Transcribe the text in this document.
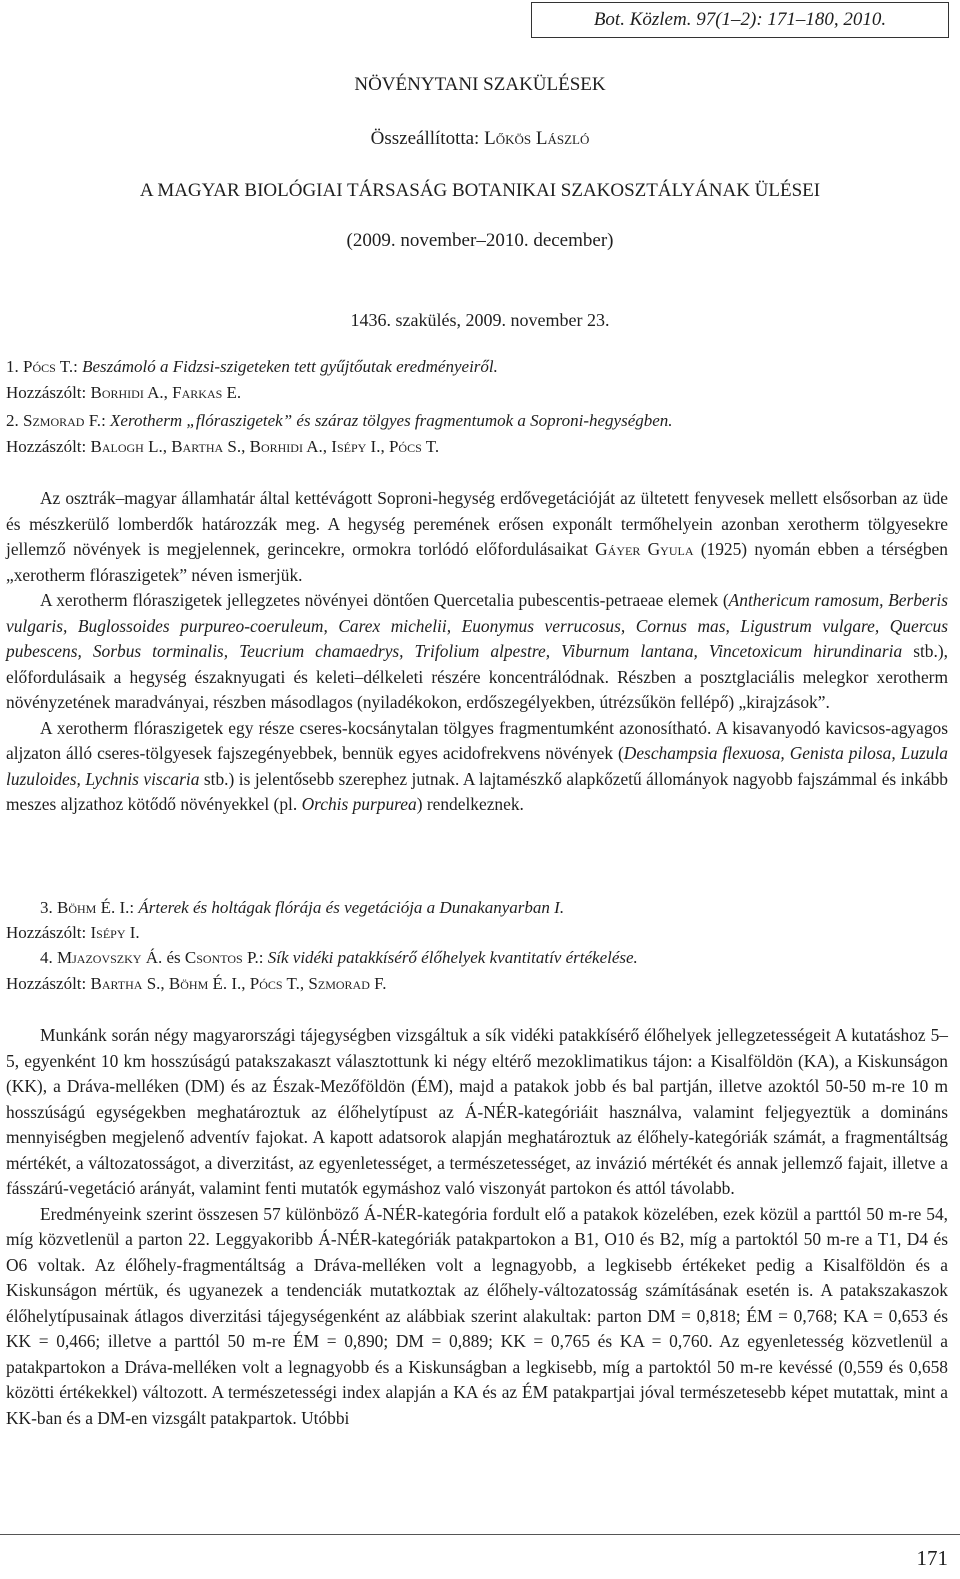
Bot. Közlem. 97(1–2): 171–180, 2010.
NÖVÉNYTANI SZAKÜLÉSEK
Összeállította: Lőkös László
A MAGYAR BIOLÓGIAI TÁRSASÁG BOTANIKAI SZAKOSZTÁLYÁNAK ÜLÉSEI
(2009. november–2010. december)
1436. szakülés, 2009. november 23.
1. Pócs T.: Beszámoló a Fidzsi-szigeteken tett gyűjtőutak eredményeiről.
Hozzászólt: Borhidi A., Farkas E.
2. Szmorad F.: Xerotherm „flóraszigetek” és száraz tölgyes fragmentumok a Soproni-hegységben.
Hozzászólt: Balogh L., Bartha S., Borhidi A., Isépy I., Pócs T.

Az osztrák–magyar államhatár által kettévágott Soproni-hegység erdővegetációját az ültetett fenyvesek mellett elsősorban az üde és mészkerülő lomberdők határozzák meg. A hegység peremének erősen exponált termőhelyein azonban xerotherm tölgyesekre jellemző növények is megjelennek, gerincekre, ormokra torlódó előfordulásaikat Gáyer Gyula (1925) nyomán ebben a térségben „xerotherm flóraszigetek” néven ismerjük.

A xerotherm flóraszigetek jellegzetes növényei döntően Quercetalia pubescentis-petraeae elemek (Anthericum ramosum, Berberis vulgaris, Buglossoides purpureo-coeruleum, Carex michelii, Euonymus verrucosus, Cornus mas, Ligustrum vulgare, Quercus pubescens, Sorbus torminalis, Teucrium chamaedrys, Trifolium alpestre, Viburnum lantana, Vincetoxicum hirundinaria stb.), előfordulásaik a hegység északnyugati és keleti–délkeleti részére koncentrálódnak. Részben a posztglaciális melegkor xerotherm növényzetének maradványai, részben másodlagos (nyiladékokon, erdőszegélyekben, útrézsűkön fellépő) „kirajzások”.

A xerotherm flóraszigetek egy része cseres-kocsánytalan tölgyes fragmentumként azonosítható. A kisavanyodó kavicsos-agyagos aljzaton álló cseres-tölgyesek fajszegényebbek, bennük egyes acidofrekvens növények (Deschampsia flexuosa, Genista pilosa, Luzula luzuloides, Lychnis viscaria stb.) is jelentősebb szerephez jutnak. A lajtamészkő alapkőzetű állományok nagyobb fajszámmal és inkább meszes aljzathoz kötődő növényekkel (pl. Orchis purpurea) rendelkeznek.

3. Böhm É. I.: Árterek és holtágak flórája és vegetációja a Dunakanyarban I.
Hozzászólt: Isépy I.
4. Mjazovszky Á. és Csontos P.: Sík vidéki patakkísérő élőhelyek kvantitatív értékelése.
Hozzászólt: Bartha S., Böhm É. I., Pócs T., Szmorad F.

Munkánk során négy magyarországi tájegységben vizsgáltuk a sík vidéki patakkísérő élőhelyek jellegzetességeit A kutatáshoz 5–5, egyenként 10 km hosszúságú patakszakaszt választottunk ki négy eltérő mezoklimatikus tájon: a Kisalföldön (KA), a Kiskunságon (KK), a Dráva-melléken (DM) és az Észak-Mezőföldön (ÉM), majd a patakok jobb és bal partján, illetve azoktól 50-50 m-re 10 m hosszúságú egységekben meghatároztuk az élőhelytípust az Á-NÉR-kategóriáit használva, valamint feljegyeztük a domináns mennyiségben megjelenő adventív fajokat. A kapott adatsorok alapján meghatároztuk az élőhely-kategóriák számát, a fragmentáltság mértékét, a változatosságot, a diverzitást, az egyenletességet, a természetességet, az invázió mértékét és annak jellemző fajait, illetve a fásszárú-vegetáció arányát, valamint fenti mutatók egymáshoz való viszonyát partokon és attól távolabb.

Eredményeink szerint összesen 57 különböző Á-NÉR-kategória fordult elő a patakok közelében, ezek közül a parttól 50 m-re 54, míg közvetlenül a parton 22. Leggyakoribb Á-NÉR-kategóriák patakpartokon a B1, O10 és B2, míg a partoktól 50 m-re a T1, D4 és O6 voltak. Az élőhely-fragmentáltság a Dráva-melléken volt a legnagyobb, a legkisebb értékeket pedig a Kisalföldön és a Kiskunságon mértük, és ugyanezek a tendenciák mutatkoztak az élőhely-változatosság számításának esetén is. A patakszakaszok élőhelytípusainak átlagos diverzitási tájegységenként az alábbiak szerint alakultak: parton DM = 0,818; ÉM = 0,768; KA = 0,653 és KK = 0,466; illetve a parttól 50 m-re ÉM = 0,890; DM = 0,889; KK = 0,765 és KA = 0,760. Az egyenletesség közvetlenül a patakpartokon a Dráva-melléken volt a legnagyobb és a Kiskunságban a legkisebb, míg a partoktól 50 m-re kevéssé (0,559 és 0,658 közötti értékekkel) változott. A természetességi index alapján a KA és az ÉM patakpartjai jóval természetesebb képet mutattak, mint a KK-ban és a DM-en vizsgált patakpartok. Utóbbi

171
